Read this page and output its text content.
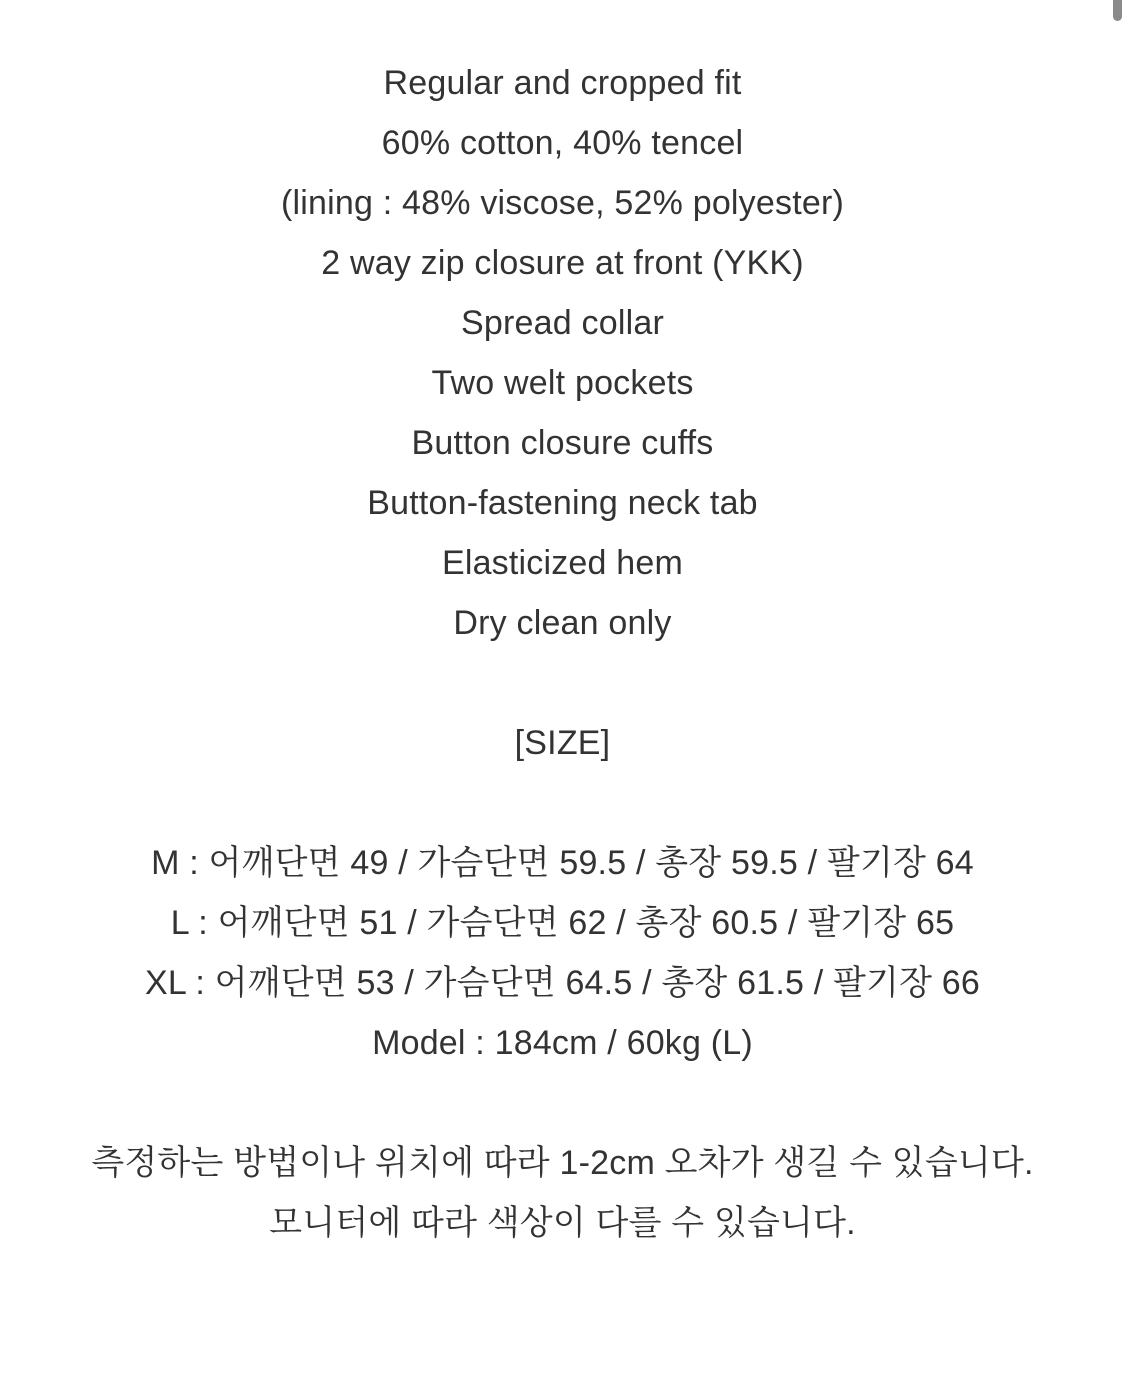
Regular and cropped fit

60% cotton, 40% tencel

(lining : 48% viscose, 52% polyester)

2 way zip closure at front (YKK)

Spread collar

Two welt pockets

Button closure cuffs

Button-fastening neck tab

Elasticized hem

Dry clean only

[SIZE]

M : 어깨단면 49 / 가슴단면 59.5 / 총장 59.5 / 팔기장 64

L : 어깨단면 51 / 가슴단면 62 / 총장 60.5 / 팔기장 65

XL : 어깨단면 53 / 가슴단면 64.5 / 총장 61.5 / 팔기장 66

Model : 184cm / 60kg (L)

측정하는 방법이나 위치에 따라 1-2cm 오차가 생길 수 있습니다.

모니터에 따라 색상이 다를 수 있습니다.
